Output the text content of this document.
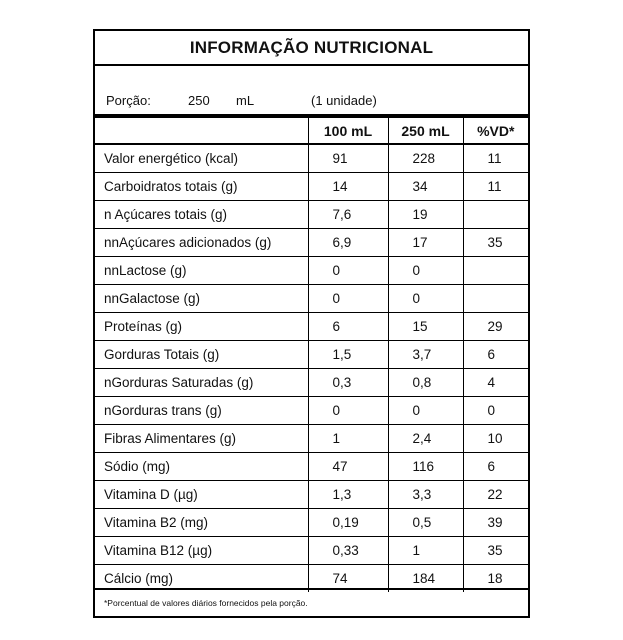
INFORMAÇÃO NUTRICIONAL
Porção:	250 mL	(1 unidade)
	100 mL	250 mL	%VD*
Valor energético (kcal)	91	228	11
Carboidratos totais (g)	14	34	11
n Açúcares totais (g)	7,6	19	
nnAçúcares adicionados (g)	6,9	17	35
nnLactose (g)	0	0	
nnGalactose (g)	0	0	
Proteínas (g)	6	15	29
Gorduras Totais (g)	1,5	3,7	6
nGorduras Saturadas (g)	0,3	0,8	4
nGorduras trans (g)	0	0	0
Fibras Alimentares (g)	1	2,4	10
Sódio (mg)	47	116	6
Vitamina D (µg)	1,3	3,3	22
Vitamina B2 (mg)	0,19	0,5	39
Vitamina B12 (µg)	0,33	1	35
Cálcio (mg)	74	184	18
*Porcentual de valores diários fornecidos pela porção.
